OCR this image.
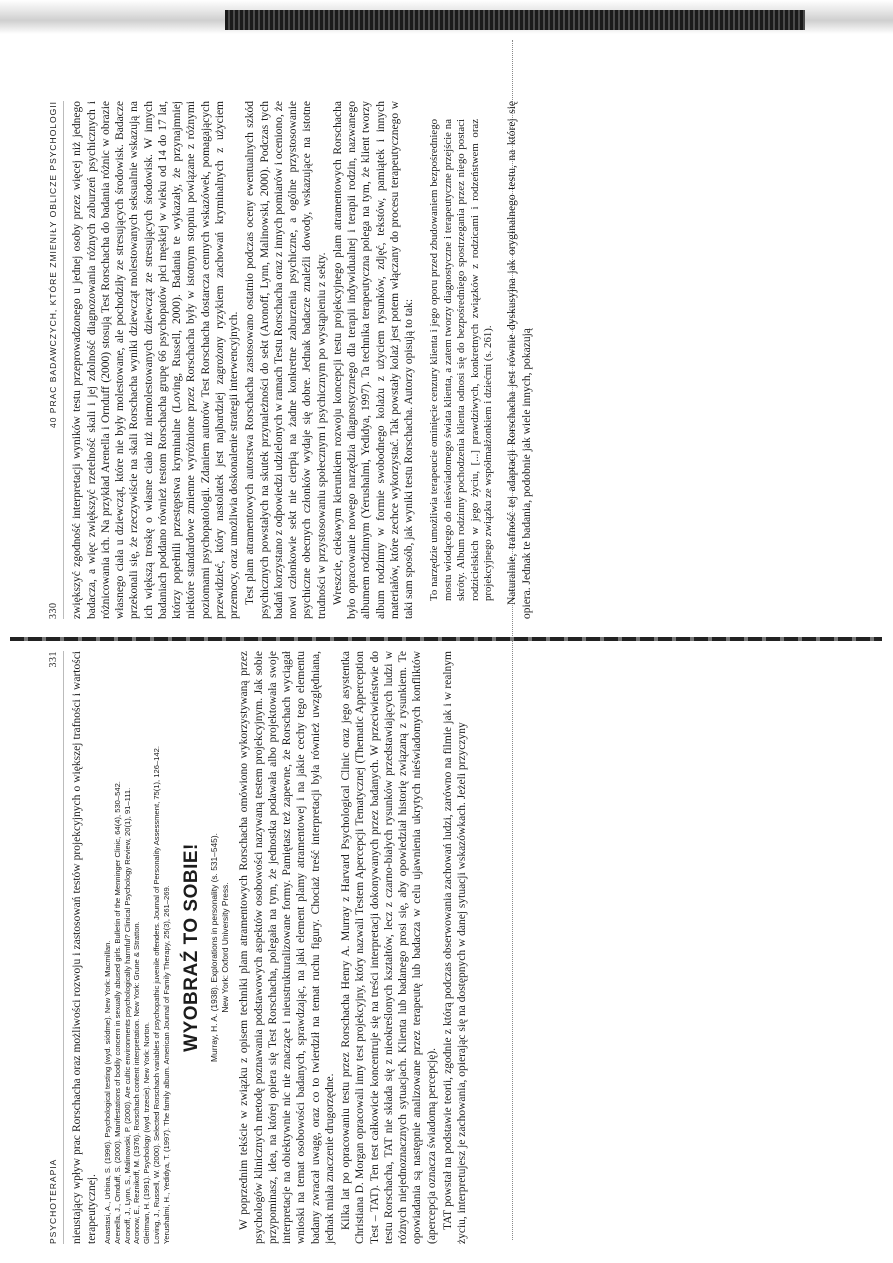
330
40 PRAC BADAWCZYCH, KTÓRE ZMIENIŁY OBLICZE PSYCHOLOGII zwiększyć zgodność interpretacji wyników testu przeprowadzonego u jednej osoby przez więcej niż jednego badacza, a więc zwiększyć rzetelność skali i jej zdolność diagnozowania różnych zaburzeń psychicznych i różnicowania ich. Na przykład Arenella i Ornduff (2000) stosują Test Rorschacha do badania różnic w obrazie własnego ciała u dziewcząt, które nie były molestowane, ale pochodziły ze stresujących środowisk. Badacze przekonali się, że rzeczywiście na skali Rorschacha wyniki dziewcząt molestowanych seksualnie wskazują na ich większą troskę o własne ciało niż niemolestowanych dziewcząt ze stresujących środowisk. W innych badaniach poddano również testom Rorschacha grupę 66 psychopatów płci męskiej w wieku od 14 do 17 lat, którzy popełnili przestępstwa kryminalne (Loving, Russell, 2000). Badania te wykazały, że przynajmniej niektóre standardowe zmienne wyróżnione przez Rorschacha były w istotnym stopniu powiązane z różnymi poziomami psychopatologii. Zdaniem autorów Test Rorschacha dostarcza cennych wskazówek, pomagających przewidzieć, który nastolatek jest najbardziej zagrożony ryzykiem zachowań kryminalnych z użyciem przemocy, oraz umożliwia doskonalenie strategii interwencyjnych. Test plam atramentowych autorstwa Rorschacha zastosowano ostatnio podczas oceny ewentualnych szkód psychicznych powstałych na skutek przynależności do sekt (Aronoff, Lynn, Malinowski, 2000). Podczas tych badań korzystano z odpowiedzi udzielonych w ramach Testu Rorschacha oraz z innych pomiarów i oceniono, że nowi członkowie sekt nie cierpią na żadne konkretne zaburzenia psychiczne, a ogólne przystosowanie psychiczne obecnych członków wydaje się dobre. Jednak badacze znaleźli dowody, wskazujące na istotne trudności w przystosowaniu społecznym i psychicznym po wystąpieniu z sekty. Wreszcie, ciekawym kierunkiem rozwoju koncepcji testu projekcyjnego plam atramentowych Rorschacha było opracowanie nowego narzędzia diagnostycznego dla terapii indywidualnej i terapii rodzin, nazwanego albumem rodzinnym (Yerushalmi, Yedidya, 1997). Ta technika terapeutyczna polega na tym, że klient tworzy album rodzinny w formie swobodnego kolażu z użyciem rysunków, zdjęć, tekstów, pamiątek i innych materiałów, które zechce wykorzystać. Tak powstały kolaż jest potem włączany do procesu terapeutycznego w taki sam sposób, jak wyniki testu Rorschacha. Autorzy opisują to tak: To narzędzie umożliwia terapeucie ominięcie cenzury klienta i jego oporu przed zbudowaniem bezpośredniego mostu wiodącego do nieświadomego świata klienta, a zatem tworzy diagnostyczne i terapeutyczne przejście na skróty. Album rodzinny pochodzenia klienta odnosi się do bezpośredniego spostrzegania przez niego postaci rodzicielskich w jego życiu, [...] prawdziwych, konkretnych związków z rodzicami i rodzeństwem oraz projekcyjnego związku ze współmałżonkiem i dziećmi (s. 261). Naturalnie, trafność tej adaptacji Rorschacha jest równie dyskusyjna jak oryginalnego testu, na której się opiera. Jednak te badania, podobnie jak wiele innych, pokazują

PSYCHOTERAPIA
331 nieustający wpływ prac Rorschacha oraz możliwości rozwoju i zastosowań testów projekcyjnych o większej trafności i wartości terapeutycznej. Anastasi, A., Urbina, S. (1996). Psychological testing (wyd. siódme). New York: Macmillan. Arenella, J., Ornduff, S. (2000). Manifestations of bodily concern in sexually abused girls. Bulletin of the Menninger Clinic, 64(4), 530–542. Aronoff, J., Lynn, S., Malinowski, P. (2000). Are cultic environments psychologically harmful? Clinical Psychology Review, 20(1), 91–111. Aronow, E., Reznikoff, M. (1976). Rorschach content interpretation. New York: Grune & Stratton. Gleitman, H. (1991). Psychology (wyd. trzecie). New York: Norton. Loving, J., Russell, W. (2000). Selected Rorschach variables of psychopathic juvenile offenders. Journal of Personality Assessment, 75(1), 126–142. Yerushalmi, H., Yedidya, T. (1997). The family album. American Journal of Family Therapy, 25(3), 261–269. WYOBRAŹ TO SOBIE! Murray, H. A. (1938). Explorations in personality (s. 531–545). New York: Oxford University Press. W poprzednim tekście w związku z opisem techniki plam atramentowych Rorschacha omówiono wykorzystywaną przez psychologów klinicznych metodę poznawania podstawowych aspektów osobowości nazywaną testem projekcyjnym. Jak sobie przypominasz, idea, na której opiera się Test Rorschacha, polegała na tym, że jednostka podawała albo projektowała swoje interpretacje na obiektywnie nic nie znaczące i nieustrukturalizowane formy. Pamiętasz też zapewne, że Rorschach wyciągał wnioski na temat osobowości badanych, sprawdzając, na jaki element plamy atramentowej i na jakie cechy tego elementu badany zwracał uwagę, oraz co to twierdził na temat ruchu figury. Chociaż treść interpretacji była również uwzględniana, jednak miała znaczenie drugorzędne. Kilka lat po opracowaniu testu przez Rorschacha Henry A. Murray z Harvard Psychological Clinic oraz jego asystentka Christiana D. Morgan opracowali inny test projekcyjny, który nazwali Testem Apercepcji Tematycznej (Thematic Apperception Test – TAT). Ten test całkowicie koncentruje się na treści interpretacji dokonywanych przez badanych. W przeciwieństwie do testu Rorschacha, TAT nie składa się z nieokreślonych kształtów, lecz z czarno-białych rysunków przedstawiających ludzi w różnych niejednoznacznych sytuacjach. Klienta lub badanego prosi się, aby opowiedział historię związaną z rysunkiem. Te opowiadania są następnie analizowane przez terapeutę lub badacza w celu ujawnienia ukrytych nieświadomych konfliktów (apercepcja oznacza świadomą percepcję). TAT powstał na podstawie teorii, zgodnie z którą podczas obserwowania zachowań ludzi, zarówno na filmie jak i w realnym życiu, interpretujesz je zachowania, opierając się na dostępnych w danej sytuacji wskazówkach. Jeżeli przyczyny
